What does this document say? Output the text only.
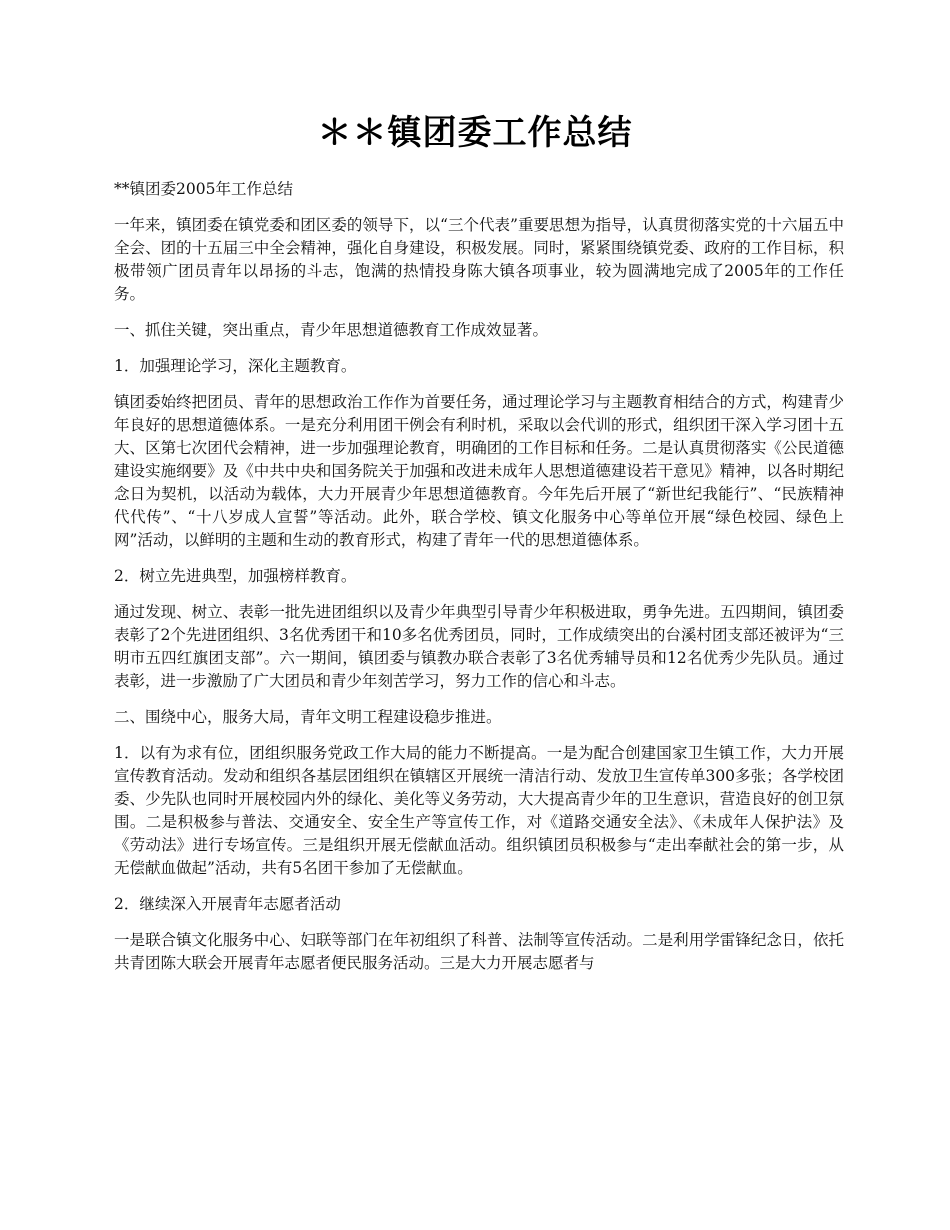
＊＊镇团委工作总结

**镇团委2005年工作总结

一年来，镇团委在镇党委和团区委的领导下，以“三个代表”重要思想为指导，认真贯彻落实党的十六届五中全会、团的十五届三中全会精神，强化自身建设，积极发展。同时，紧紧围绕镇党委、政府的工作目标，积极带领广团员青年以昂扬的斗志，饱满的热情投身陈大镇各项事业，较为圆满地完成了2005年的工作任务。

一、抓住关键，突出重点，青少年思想道德教育工作成效显著。

1．加强理论学习，深化主题教育。

镇团委始终把团员、青年的思想政治工作作为首要任务，通过理论学习与主题教育相结合的方式，构建青少年良好的思想道德体系。一是充分利用团干例会有利时机，采取以会代训的形式，组织团干深入学习团十五大、区第七次团代会精神，进一步加强理论教育，明确团的工作目标和任务。二是认真贯彻落实《公民道德建设实施纲要》及《中共中央和国务院关于加强和改进未成年人思想道德建设若干意见》精神，以各时期纪念日为契机，以活动为载体，大力开展青少年思想道德教育。今年先后开展了“新世纪我能行”、“民族精神代代传”、“十八岁成人宣誓”等活动。此外，联合学校、镇文化服务中心等单位开展“绿色校园、绿色上网”活动，以鲜明的主题和生动的教育形式，构建了青年一代的思想道德体系。

2．树立先进典型，加强榜样教育。

通过发现、树立、表彰一批先进团组织以及青少年典型引导青少年积极进取，勇争先进。五四期间，镇团委表彰了2个先进团组织、3名优秀团干和10多名优秀团员，同时，工作成绩突出的台溪村团支部还被评为“三明市五四红旗团支部”。六一期间，镇团委与镇教办联合表彰了3名优秀辅导员和12名优秀少先队员。通过表彰，进一步激励了广大团员和青少年刻苦学习，努力工作的信心和斗志。

二、围绕中心，服务大局，青年文明工程建设稳步推进。

1．以有为求有位，团组织服务党政工作大局的能力不断提高。一是为配合创建国家卫生镇工作，大力开展宣传教育活动。发动和组织各基层团组织在镇辖区开展统一清洁行动、发放卫生宣传单300多张；各学校团委、少先队也同时开展校园内外的绿化、美化等义务劳动，大大提高青少年的卫生意识，营造良好的创卫氛围。二是积极参与普法、交通安全、安全生产等宣传工作，对《道路交通安全法》、《未成年人保护法》及《劳动法》进行专场宣传。三是组织开展无偿献血活动。组织镇团员积极参与“走出奉献社会的第一步，从无偿献血做起”活动，共有5名团干参加了无偿献血。

2．继续深入开展青年志愿者活动

一是联合镇文化服务中心、妇联等部门在年初组织了科普、法制等宣传活动。二是利用学雷锋纪念日，依托共青团陈大联会开展青年志愿者便民服务活动。三是大力开展志愿者与
